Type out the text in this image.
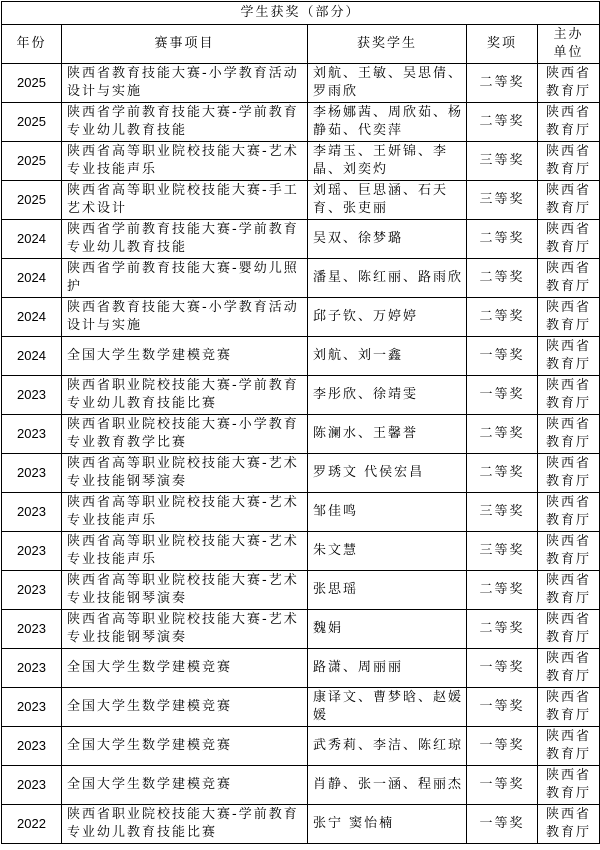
学生获奖（部分）				
年份	赛事项目	获奖学生	奖项	主办
单位

2025	陕西省教育技能大赛-小学教育活动设计与实施	刘航、王敏、吴思倩、罗雨欣	二等奖	陕西省
教育厅

2025	陕西省学前教育技能大赛-学前教育专业幼儿教育技能	李杨娜茜、周欣茹、杨静茹、代奕萍	二等奖	陕西省
教育厅

2025	陕西省高等职业院校技能大赛-艺术专业技能声乐	李靖玉、王妍锦、李晶、刘奕灼	三等奖	陕西省
教育厅

2025	陕西省高等职业院校技能大赛-手工艺术设计	刘瑶、巨思涵、石天育、张吏丽	三等奖	陕西省
教育厅

2024	陕西省学前教育技能大赛-学前教育专业幼儿教育技能	吴双、徐梦璐	二等奖	陕西省
教育厅

2024	陕西省学前教育技能大赛-婴幼儿照护	潘星、陈红丽、路雨欣	二等奖	陕西省
教育厅

2024	陕西省教育技能大赛-小学教育活动设计与实施	邱子钦、万婷婷	二等奖	陕西省
教育厅

2024	全国大学生数学建模竞赛	刘航、刘一鑫	一等奖	陕西省
教育厅

2023	陕西省职业院校技能大赛-学前教育专业幼儿教育技能比赛	李彤欣、徐靖雯	一等奖	陕西省
教育厅

2023	陕西省职业院校技能大赛-小学教育专业教育教学比赛	陈澜水、王馨誉	二等奖	陕西省
教育厅

2023	陕西省高等职业院校技能大赛-艺术专业技能钢琴演奏	罗琇文 代侯宏昌	二等奖	陕西省
教育厅

2023	陕西省高等职业院校技能大赛-艺术专业技能声乐	邹佳鸣	三等奖	陕西省
教育厅

2023	陕西省高等职业院校技能大赛-艺术专业技能声乐	朱文慧	三等奖	陕西省
教育厅

2023	陕西省高等职业院校技能大赛-艺术专业技能钢琴演奏	张思瑶	二等奖	陕西省
教育厅

2023	陕西省高等职业院校技能大赛-艺术专业技能钢琴演奏	魏娟	二等奖	陕西省
教育厅

2023	全国大学生数学建模竞赛	路潇、周丽丽	一等奖	陕西省
教育厅

2023	全国大学生数学建模竞赛	康译文、曹梦晗、赵媛媛	一等奖	陕西省
教育厅

2023	全国大学生数学建模竞赛	武秀莉、李洁、陈红琼	一等奖	陕西省
教育厅

2023	全国大学生数学建模竞赛	肖静、张一涵、程丽杰	一等奖	陕西省
教育厅

2022	陕西省职业院校技能大赛-学前教育专业幼儿教育技能比赛	张宁 窦怡楠	一等奖	陕西省
教育厅
